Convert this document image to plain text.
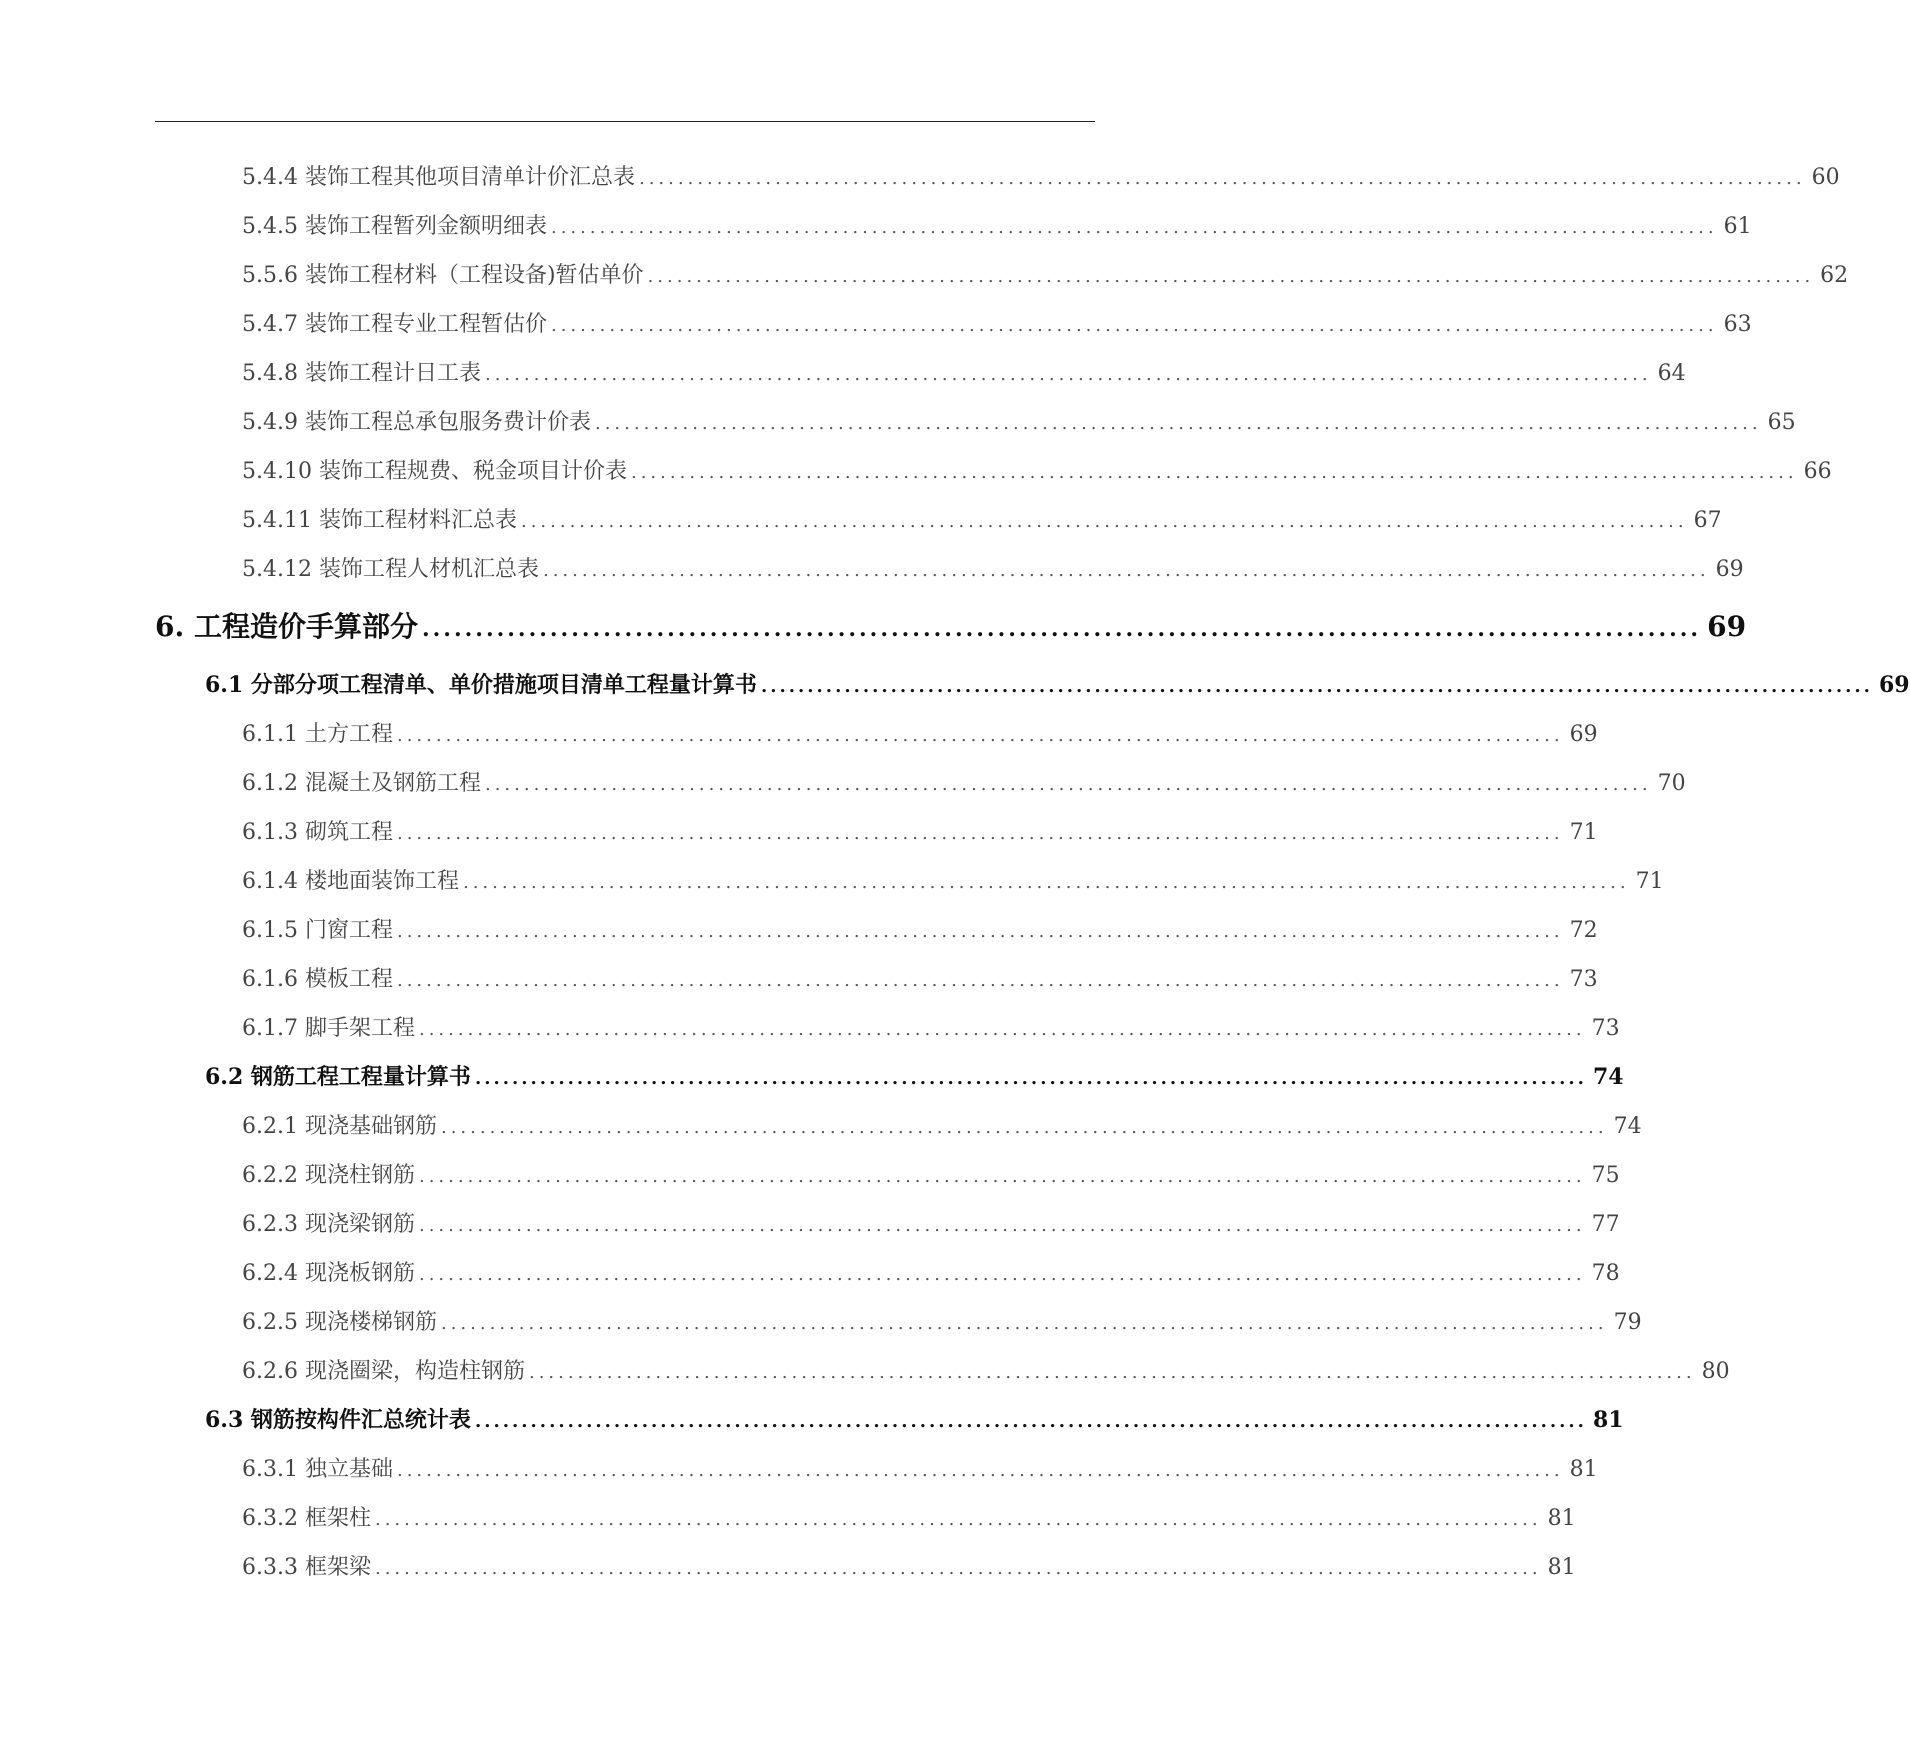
5.4.4 装饰工程其他项目清单计价汇总表 ........................................................................................................................ 60
5.4.5 装饰工程暂列金额明细表 ........................................................................................................................ 61
5.5.6 装饰工程材料（工程设备)暂估单价 ........................................................................................................................ 62
5.4.7 装饰工程专业工程暂估价 ........................................................................................................................ 63
5.4.8 装饰工程计日工表 ........................................................................................................................ 64
5.4.9 装饰工程总承包服务费计价表 ........................................................................................................................ 65
5.4.10 装饰工程规费、税金项目计价表 ........................................................................................................................ 66
5.4.11 装饰工程材料汇总表 ........................................................................................................................ 67
5.4.12 装饰工程人材机汇总表 ........................................................................................................................ 69
6. 工程造价手算部分 ........................................................................................................................ 69
6.1 分部分项工程清单、单价措施项目清单工程量计算书 ........................................................................................................................ 69
6.1.1 土方工程 ........................................................................................................................ 69
6.1.2 混凝土及钢筋工程 ........................................................................................................................ 70
6.1.3 砌筑工程 ........................................................................................................................ 71
6.1.4 楼地面装饰工程 ........................................................................................................................ 71
6.1.5 门窗工程 ........................................................................................................................ 72
6.1.6 模板工程 ........................................................................................................................ 73
6.1.7 脚手架工程 ........................................................................................................................ 73
6.2 钢筋工程工程量计算书 ........................................................................................................................ 74
6.2.1 现浇基础钢筋 ........................................................................................................................ 74
6.2.2 现浇柱钢筋 ........................................................................................................................ 75
6.2.3 现浇梁钢筋 ........................................................................................................................ 77
6.2.4 现浇板钢筋 ........................................................................................................................ 78
6.2.5 现浇楼梯钢筋 ........................................................................................................................ 79
6.2.6 现浇圈梁，构造柱钢筋 ........................................................................................................................ 80
6.3 钢筋按构件汇总统计表 ........................................................................................................................ 81
6.3.1 独立基础 ........................................................................................................................ 81
6.3.2 框架柱 ........................................................................................................................ 81
6.3.3 框架梁 ........................................................................................................................ 81
